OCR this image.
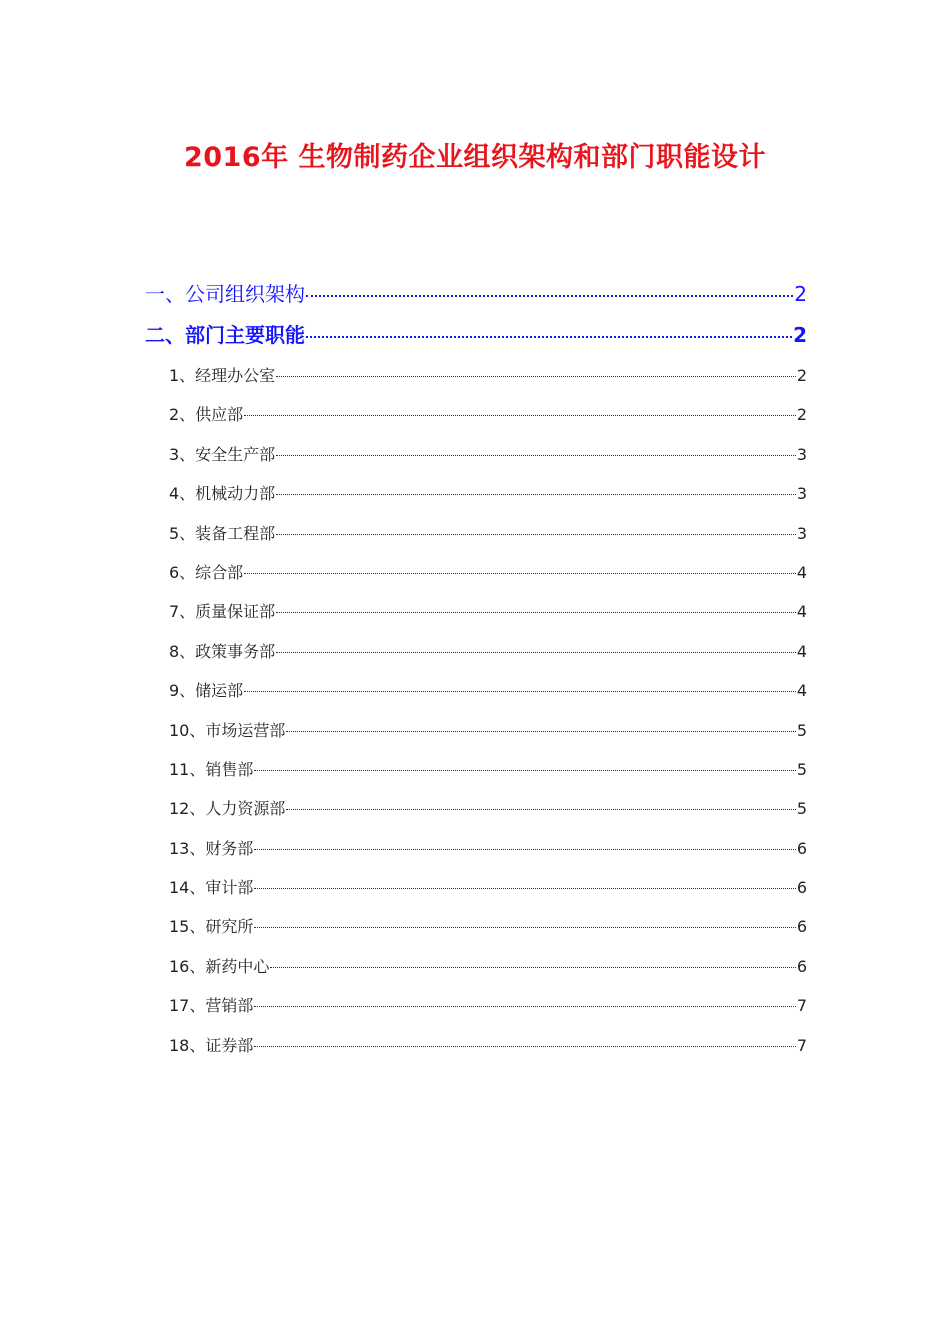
2016年 生物制药企业组织架构和部门职能设计
一、公司组织架构	2
二、部门主要职能	2
1、经理办公室	2
2、供应部	2
3、安全生产部	3
4、机械动力部	3
5、装备工程部	3
6、综合部	4
7、质量保证部	4
8、政策事务部	4
9、储运部	4
10、市场运营部	5
11、销售部	5
12、人力资源部	5
13、财务部	6
14、审计部	6
15、研究所	6
16、新药中心	6
17、营销部	7
18、证券部	7
